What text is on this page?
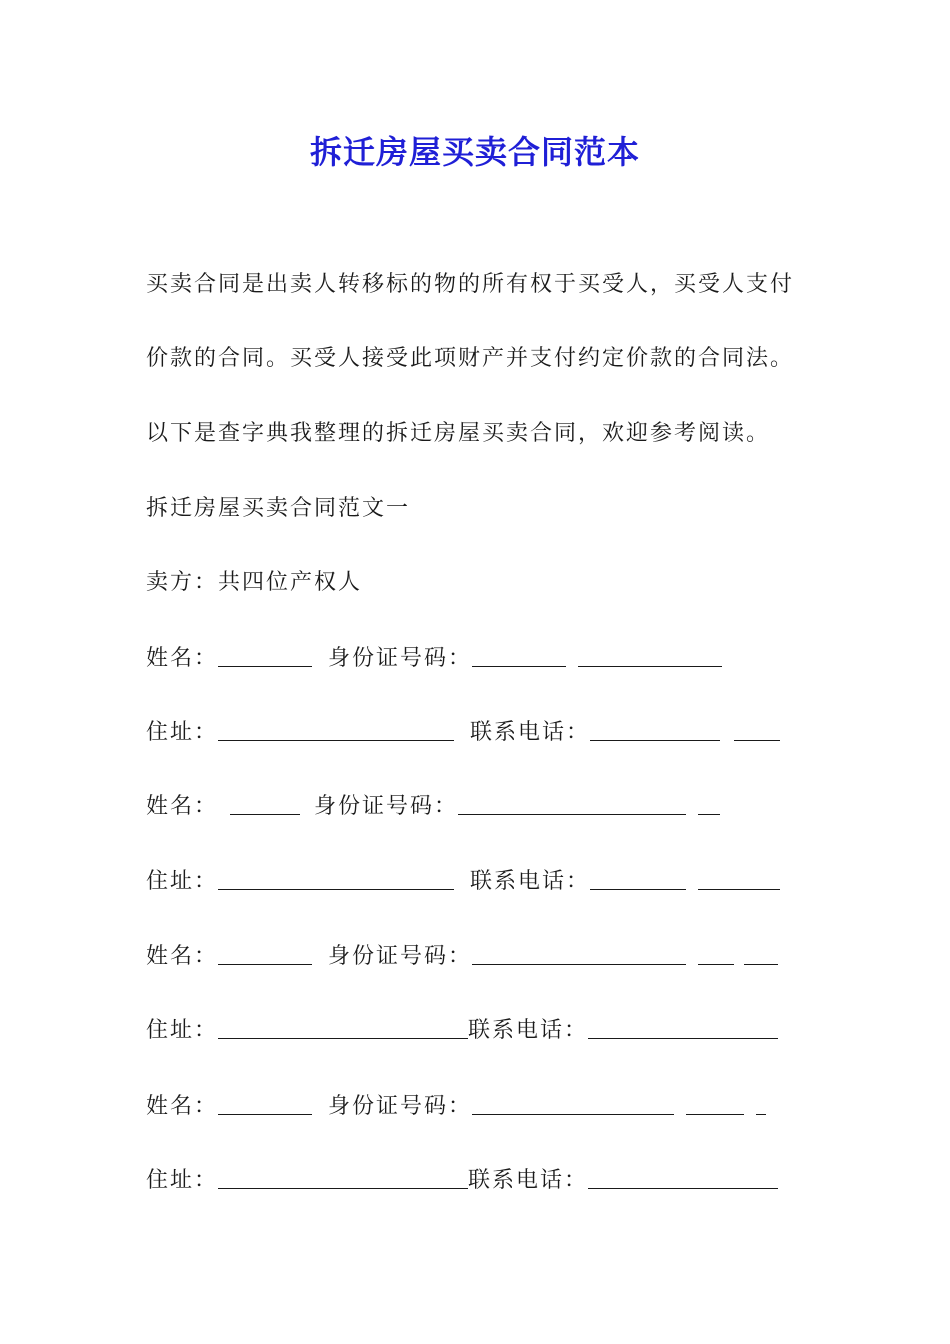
拆迁房屋买卖合同范本
买卖合同是出卖人转移标的物的所有权于买受人，买受人支付
价款的合同。买受人接受此项财产并支付约定价款的合同法。
以下是查字典我整理的拆迁房屋买卖合同，欢迎参考阅读。
拆迁房屋买卖合同范文一
卖方：共四位产权人
姓名：	身份证号码：
住址：	联系电话：
姓名：	身份证号码：
住址：	联系电话：
姓名：	身份证号码：
住址：	联系电话：
姓名：	身份证号码：
住址：	联系电话：
